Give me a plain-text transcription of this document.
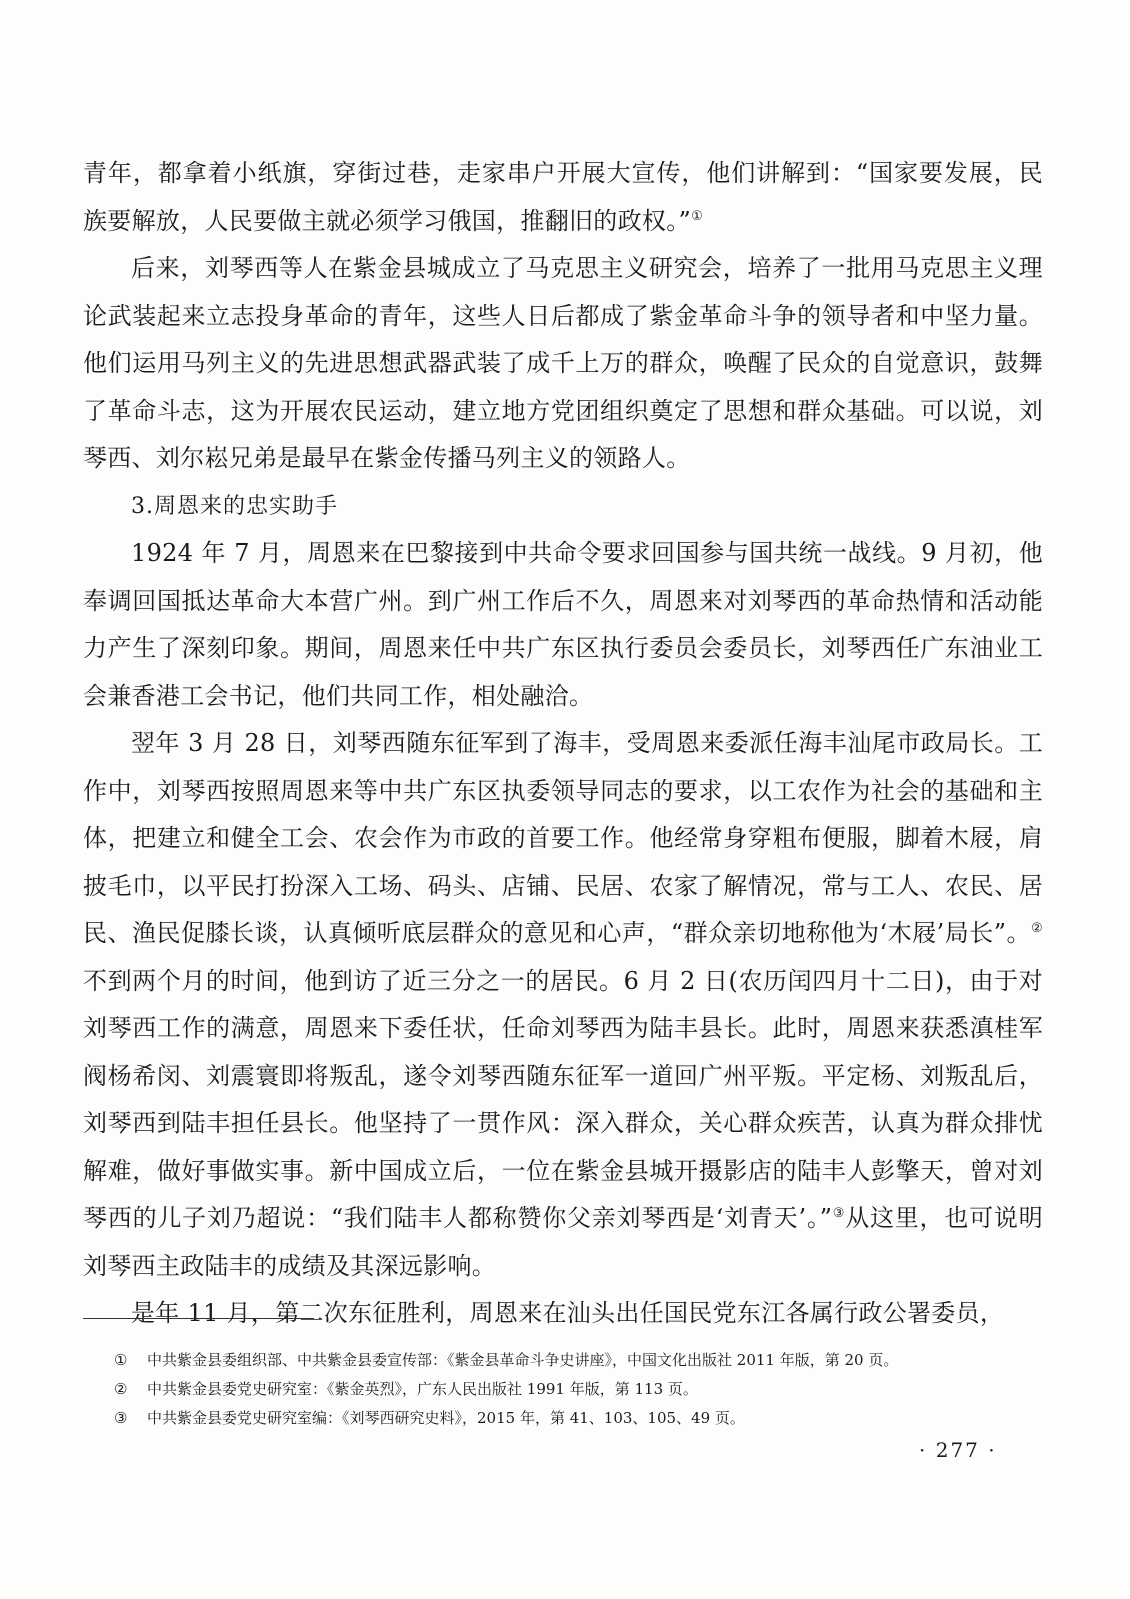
青年，都拿着小纸旗，穿街过巷，走家串户开展大宣传，他们讲解到：“国家要发展，民族要解放，人民要做主就必须学习俄国，推翻旧的政权。”①

后来，刘琴西等人在紫金县城成立了马克思主义研究会，培养了一批用马克思主义理论武装起来立志投身革命的青年，这些人日后都成了紫金革命斗争的领导者和中坚力量。他们运用马列主义的先进思想武器武装了成千上万的群众，唤醒了民众的自觉意识，鼓舞了革命斗志，这为开展农民运动，建立地方党团组织奠定了思想和群众基础。可以说，刘琴西、刘尔崧兄弟是最早在紫金传播马列主义的领路人。

3.周恩来的忠实助手

1924 年 7 月，周恩来在巴黎接到中共命令要求回国参与国共统一战线。9 月初，他奉调回国抵达革命大本营广州。到广州工作后不久，周恩来对刘琴西的革命热情和活动能力产生了深刻印象。期间，周恩来任中共广东区执行委员会委员长，刘琴西任广东油业工会兼香港工会书记，他们共同工作，相处融洽。

翌年 3 月 28 日，刘琴西随东征军到了海丰，受周恩来委派任海丰汕尾市政局长。工作中，刘琴西按照周恩来等中共广东区执委领导同志的要求，以工农作为社会的基础和主体，把建立和健全工会、农会作为市政的首要工作。他经常身穿粗布便服，脚着木屐，肩披毛巾，以平民打扮深入工场、码头、店铺、民居、农家了解情况，常与工人、农民、居民、渔民促膝长谈，认真倾听底层群众的意见和心声，“群众亲切地称他为‘木屐’局长”。② 不到两个月的时间，他到访了近三分之一的居民。6 月 2 日(农历闰四月十二日)，由于对刘琴西工作的满意，周恩来下委任状，任命刘琴西为陆丰县长。此时，周恩来获悉滇桂军阀杨希闵、刘震寰即将叛乱，遂令刘琴西随东征军一道回广州平叛。平定杨、刘叛乱后，刘琴西到陆丰担任县长。他坚持了一贯作风：深入群众，关心群众疾苦，认真为群众排忧解难，做好事做实事。新中国成立后，一位在紫金县城开摄影店的陆丰人彭擎天，曾对刘琴西的儿子刘乃超说：“我们陆丰人都称赞你父亲刘琴西是‘刘青天’。”③从这里，也可说明刘琴西主政陆丰的成绩及其深远影响。

是年 11 月，第二次东征胜利，周恩来在汕头出任国民党东江各属行政公署委员，

①	中共紫金县委组织部、中共紫金县委宣传部：《紫金县革命斗争史讲座》，中国文化出版社 2011 年版，第 20 页。
②	中共紫金县委党史研究室：《紫金英烈》，广东人民出版社 1991 年版，第 113 页。
③	中共紫金县委党史研究室编：《刘琴西研究史料》，2015 年，第 41、103、105、49 页。
· 277 ·
